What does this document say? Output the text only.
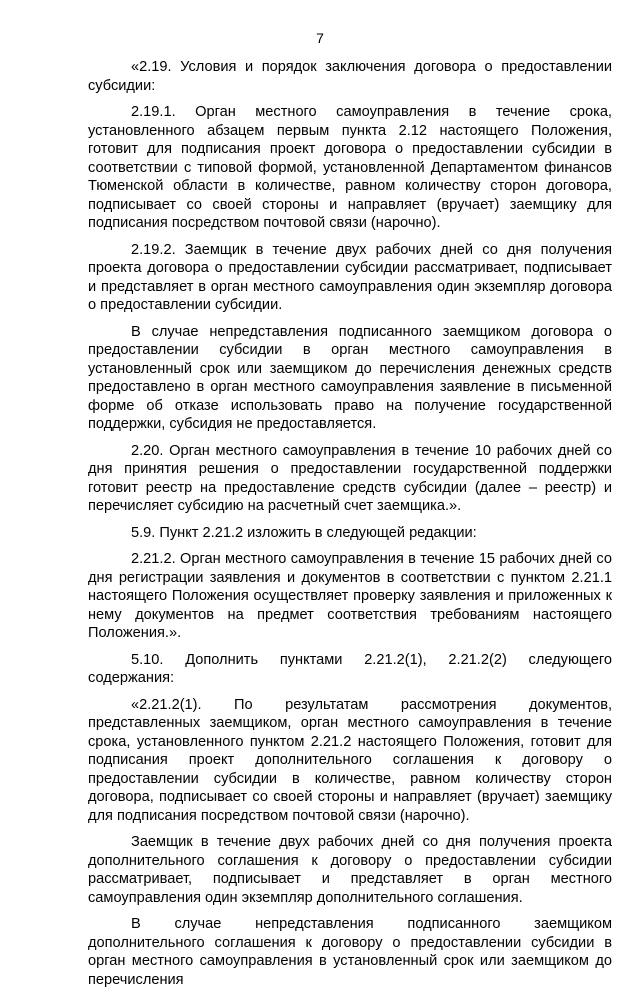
7

«2.19. Условия и порядок заключения договора о предоставлении субсидии:

2.19.1. Орган местного самоуправления в течение срока, установленного абзацем первым пункта 2.12 настоящего Положения, готовит для подписания проект договора о предоставлении субсидии в соответствии с типовой формой, установленной Департаментом финансов Тюменской области в количестве, равном количеству сторон договора, подписывает со своей стороны и направляет (вручает) заемщику для подписания посредством почтовой связи (нарочно).

2.19.2. Заемщик в течение двух рабочих дней со дня получения проекта договора о предоставлении субсидии рассматривает, подписывает и представляет в орган местного самоуправления один экземпляр договора о предоставлении субсидии.

В случае непредставления подписанного заемщиком договора о предоставлении субсидии в орган местного самоуправления в установленный срок или заемщиком до перечисления денежных средств предоставлено в орган местного самоуправления заявление в письменной форме об отказе использовать право на получение государственной поддержки, субсидия не предоставляется.

2.20. Орган местного самоуправления в течение 10 рабочих дней со дня принятия решения о предоставлении государственной поддержки готовит реестр на предоставление средств субсидии (далее – реестр) и перечисляет субсидию на расчетный счет заемщика.».

5.9. Пункт 2.21.2 изложить в следующей редакции:

2.21.2. Орган местного самоуправления в течение 15 рабочих дней со дня регистрации заявления и документов в соответствии с пунктом 2.21.1 настоящего Положения осуществляет проверку заявления и приложенных к нему документов на предмет соответствия требованиям настоящего Положения.».

5.10. Дополнить пунктами 2.21.2(1), 2.21.2(2) следующего содержания:

«2.21.2(1). По результатам рассмотрения документов, представленных заемщиком, орган местного самоуправления в течение срока, установленного пунктом 2.21.2 настоящего Положения, готовит для подписания проект дополнительного соглашения к договору о предоставлении субсидии в количестве, равном количеству сторон договора, подписывает со своей стороны и направляет (вручает) заемщику для подписания посредством почтовой связи (нарочно).

Заемщик в течение двух рабочих дней со дня получения проекта дополнительного соглашения к договору о предоставлении субсидии рассматривает, подписывает и представляет в орган местного самоуправления один экземпляр дополнительного соглашения.

В случае непредставления подписанного заемщиком дополнительного соглашения к договору о предоставлении субсидии в орган местного самоуправления в установленный срок или заемщиком до перечисления
